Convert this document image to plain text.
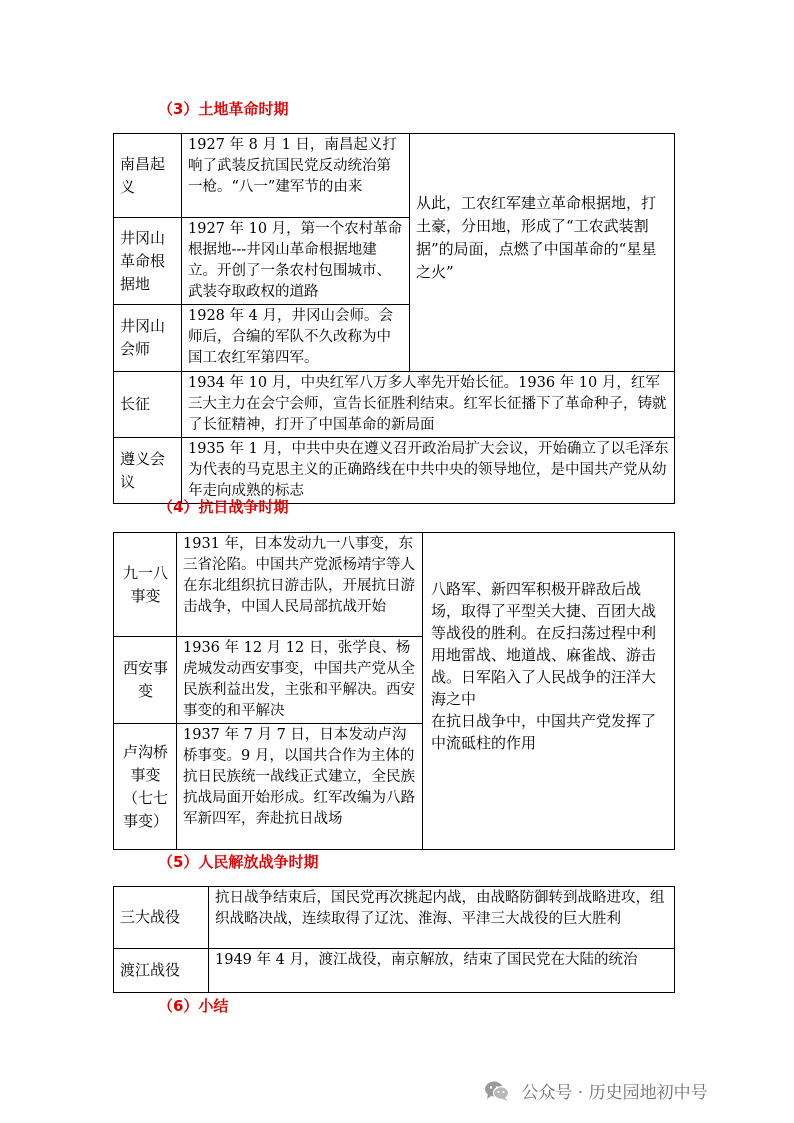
（3）土地革命时期
南昌起义	1927 年 8 月 1 日，南昌起义打响了武装反抗国民党反动统治第一枪。“八一”建军节的由来	从此，工农红军建立革命根据地，打土豪，分田地，形成了“工农武装割据”的局面，点燃了中国革命的“星星之火”
井冈山革命根据地	1927 年 10 月，第一个农村革命根据地---井冈山革命根据地建立。开创了一条农村包围城市、武装夺取政权的道路	
井冈山会师	1928 年 4 月，井冈山会师。会师后，合编的军队不久改称为中国工农红军第四军。	
长征	1934 年 10 月，中央红军八万多人率先开始长征。1936 年 10 月，红军三大主力在会宁会师，宣告长征胜利结束。红军长征播下了革命种子，铸就了长征精神，打开了中国革命的新局面	
遵义会议	1935 年 1 月，中共中央在遵义召开政治局扩大会议，开始确立了以毛泽东为代表的马克思主义的正确路线在中共中央的领导地位，是中国共产党从幼年走向成熟的标志	
（4）抗日战争时期
九一八事变	1931 年，日本发动九一八事变，东三省沦陷。中国共产党派杨靖宇等人在东北组织抗日游击队，开展抗日游击战争，中国人民局部抗战开始	八路军、新四军积极开辟敌后战场，取得了平型关大捷、百团大战等战役的胜利。在反扫荡过程中利用地雷战、地道战、麻雀战、游击战。日军陷入了人民战争的汪洋大海之中
在抗日战争中，中国共产党发挥了中流砥柱的作用

西安事变	1936 年 12 月 12 日，张学良、杨虎城发动西安事变，中国共产党从全民族利益出发，主张和平解决。西安事变的和平解决	
卢沟桥事变（七七事变）	1937 年 7 月 7 日，日本发动卢沟桥事变。9 月，以国共合作为主体的抗日民族统一战线正式建立，全民族抗战局面开始形成。红军改编为八路军新四军，奔赴抗日战场	
（5）人民解放战争时期
三大战役	抗日战争结束后，国民党再次挑起内战，由战略防御转到战略进攻，组织战略决战，连续取得了辽沈、淮海、平津三大战役的巨大胜利
渡江战役	1949 年 4 月，渡江战役，南京解放，结束了国民党在大陆的统治
（6）小结
公众号 · 历史园地初中号
